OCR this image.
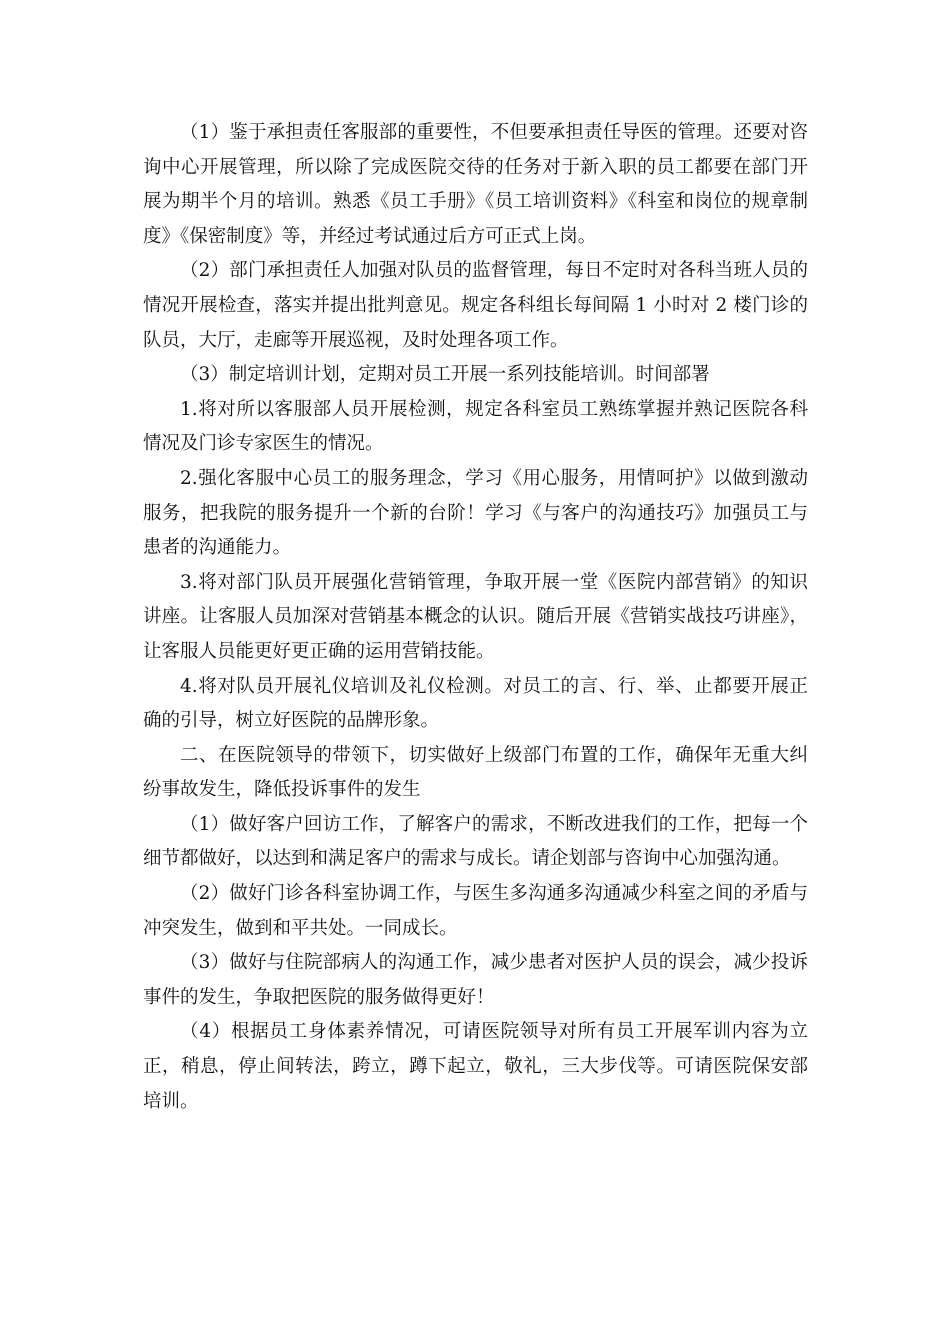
（1）鉴于承担责任客服部的重要性，不但要承担责任导医的管理。还要对咨询中心开展管理，所以除了完成医院交待的任务对于新入职的员工都要在部门开展为期半个月的培训。熟悉《员工手册》《员工培训资料》《科室和岗位的规章制度》《保密制度》等，并经过考试通过后方可正式上岗。

（2）部门承担责任人加强对队员的监督管理，每日不定时对各科当班人员的情况开展检查，落实并提出批判意见。规定各科组长每间隔 1 小时对 2 楼门诊的队员，大厅，走廊等开展巡视，及时处理各项工作。

（3）制定培训计划，定期对员工开展一系列技能培训。时间部署

1.将对所以客服部人员开展检测，规定各科室员工熟练掌握并熟记医院各科情况及门诊专家医生的情况。

2.强化客服中心员工的服务理念，学习《用心服务，用情呵护》以做到激动服务，把我院的服务提升一个新的台阶！学习《与客户的沟通技巧》加强员工与患者的沟通能力。

3.将对部门队员开展强化营销管理，争取开展一堂《医院内部营销》的知识讲座。让客服人员加深对营销基本概念的认识。随后开展《营销实战技巧讲座》，让客服人员能更好更正确的运用营销技能。

4.将对队员开展礼仪培训及礼仪检测。对员工的言、行、举、止都要开展正确的引导，树立好医院的品牌形象。

二、在医院领导的带领下，切实做好上级部门布置的工作，确保年无重大纠纷事故发生，降低投诉事件的发生

（1）做好客户回访工作，了解客户的需求，不断改进我们的工作，把每一个细节都做好，以达到和满足客户的需求与成长。请企划部与咨询中心加强沟通。

（2）做好门诊各科室协调工作，与医生多沟通多沟通减少科室之间的矛盾与冲突发生，做到和平共处。一同成长。

（3）做好与住院部病人的沟通工作，减少患者对医护人员的误会，减少投诉事件的发生，争取把医院的服务做得更好！

（4）根据员工身体素养情况，可请医院领导对所有员工开展军训内容为立正，稍息，停止间转法，跨立，蹲下起立，敬礼，三大步伐等。可请医院保安部培训。
